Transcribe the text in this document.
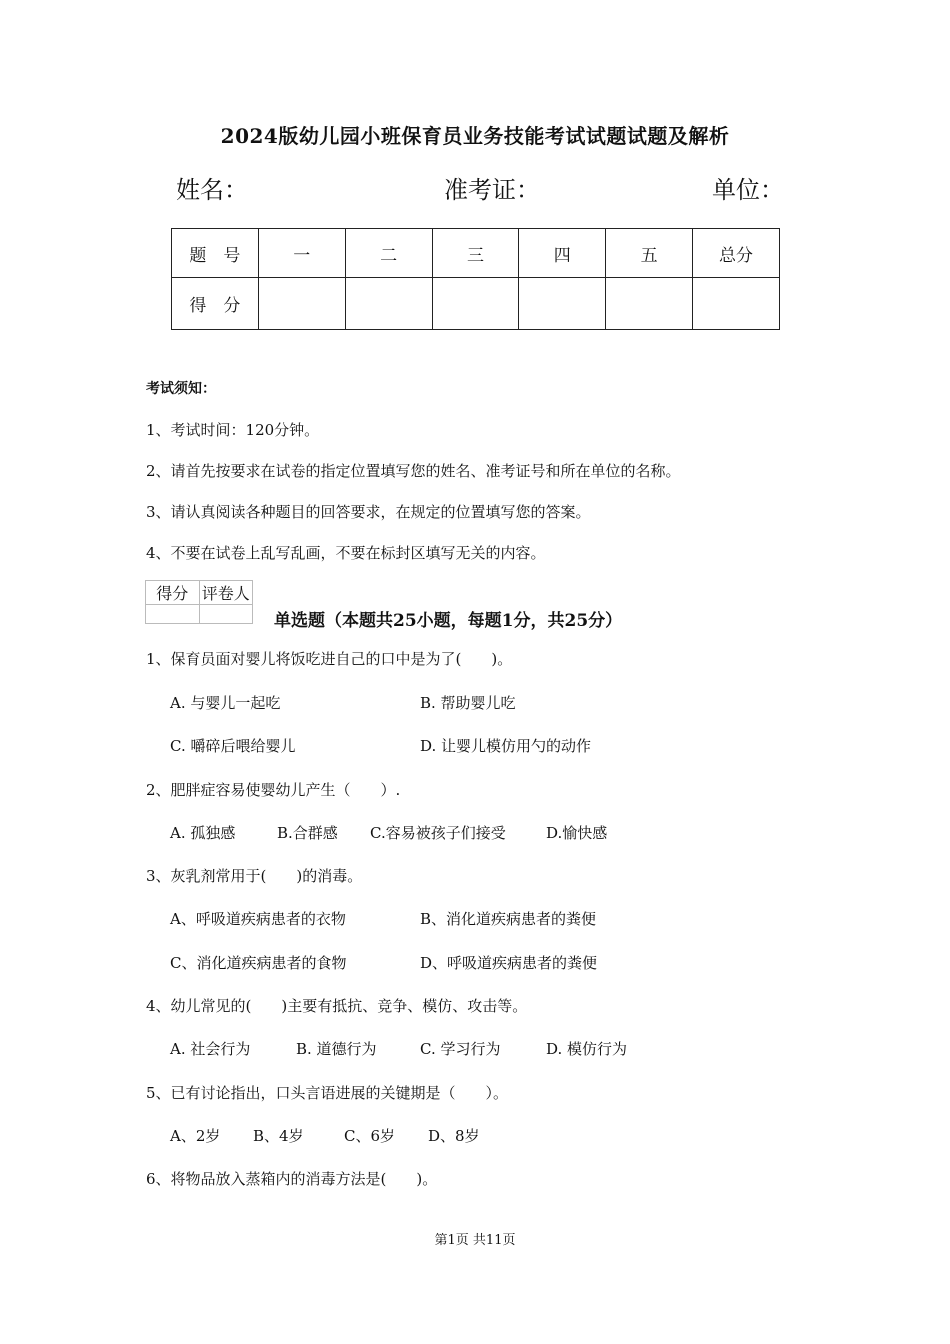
2024版幼儿园小班保育员业务技能考试试题试题及解析
姓名：	准考证：	单位：
题　号	一	二	三	四	五	总分
得　分						
考试须知：
1、考试时间：120分钟。
2、请首先按要求在试卷的指定位置填写您的姓名、准考证号和所在单位的名称。
3、请认真阅读各种题目的回答要求，在规定的位置填写您的答案。
4、不要在试卷上乱写乱画，不要在标封区填写无关的内容。
得分	评卷人

单选题（本题共25小题，每题1分，共25分）
1、保育员面对婴儿将饭吃进自己的口中是为了(　　)。
A. 与婴儿一起吃	B. 帮助婴儿吃
C. 嚼碎后喂给婴儿	D. 让婴儿模仿用勺的动作
2、肥胖症容易使婴幼儿产生（　　）.
A. 孤独感	B.合群感 C.容易被孩子们接受	D.愉快感
3、灰乳剂常用于(　　)的消毒。
A、呼吸道疾病患者的衣物	B、消化道疾病患者的粪便
C、消化道疾病患者的食物	D、呼吸道疾病患者的粪便
4、幼儿常见的(　　)主要有抵抗、竞争、模仿、攻击等。
A. 社会行为	B. 道德行为	C. 学习行为	D. 模仿行为
5、已有讨论指出，口头言语进展的关键期是（　　）。
A、2岁 B、4岁	C、6岁 D、8岁
6、将物品放入蒸箱内的消毒方法是(　　)。
第1页 共11页
